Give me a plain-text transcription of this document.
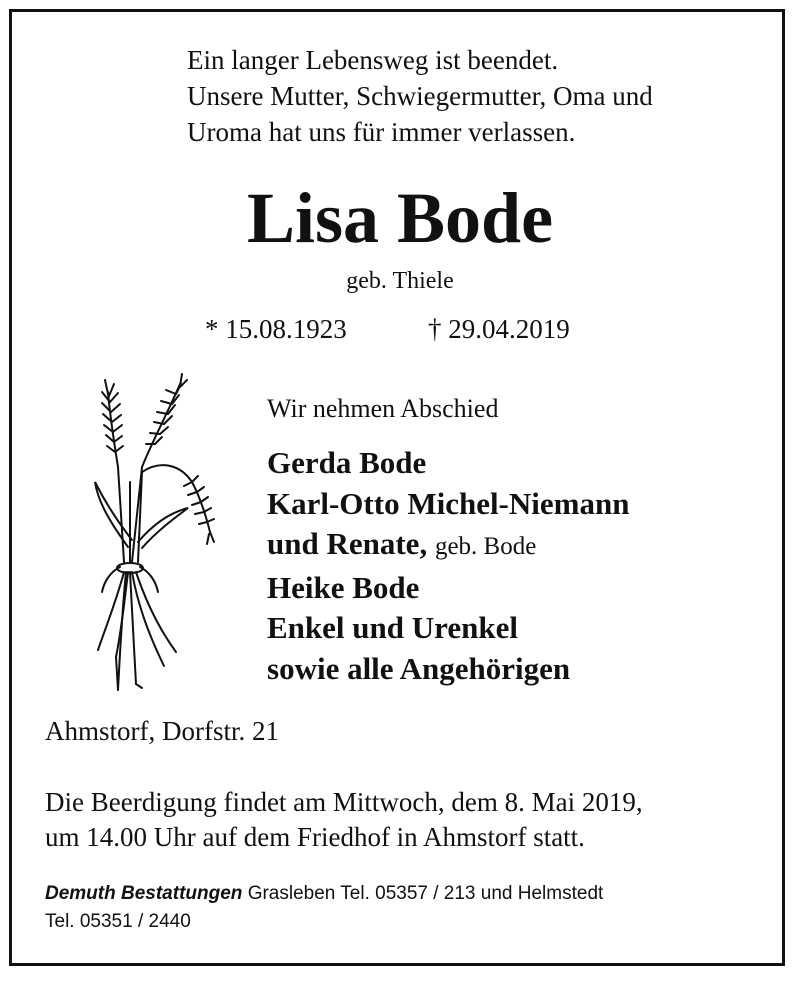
Ein langer Lebensweg ist beendet.
Unsere Mutter, Schwiegermutter, Oma und
Uroma hat uns für immer verlassen.
Lisa Bode
geb. Thiele
* 15.08.1923	† 29.04.2019
Wir nehmen Abschied
Gerda Bode
Karl-Otto Michel-Niemann
und Renate, geb. Bode
Heike Bode
Enkel und Urenkel
sowie alle Angehörigen
Ahmstorf, Dorfstr. 21
Die Beerdigung findet am Mittwoch, dem 8. Mai 2019,
um 14.00 Uhr auf dem Friedhof in Ahmstorf statt.
Demuth Bestattungen Grasleben Tel. 05357 / 213 und Helmstedt
Tel. 05351 / 2440
